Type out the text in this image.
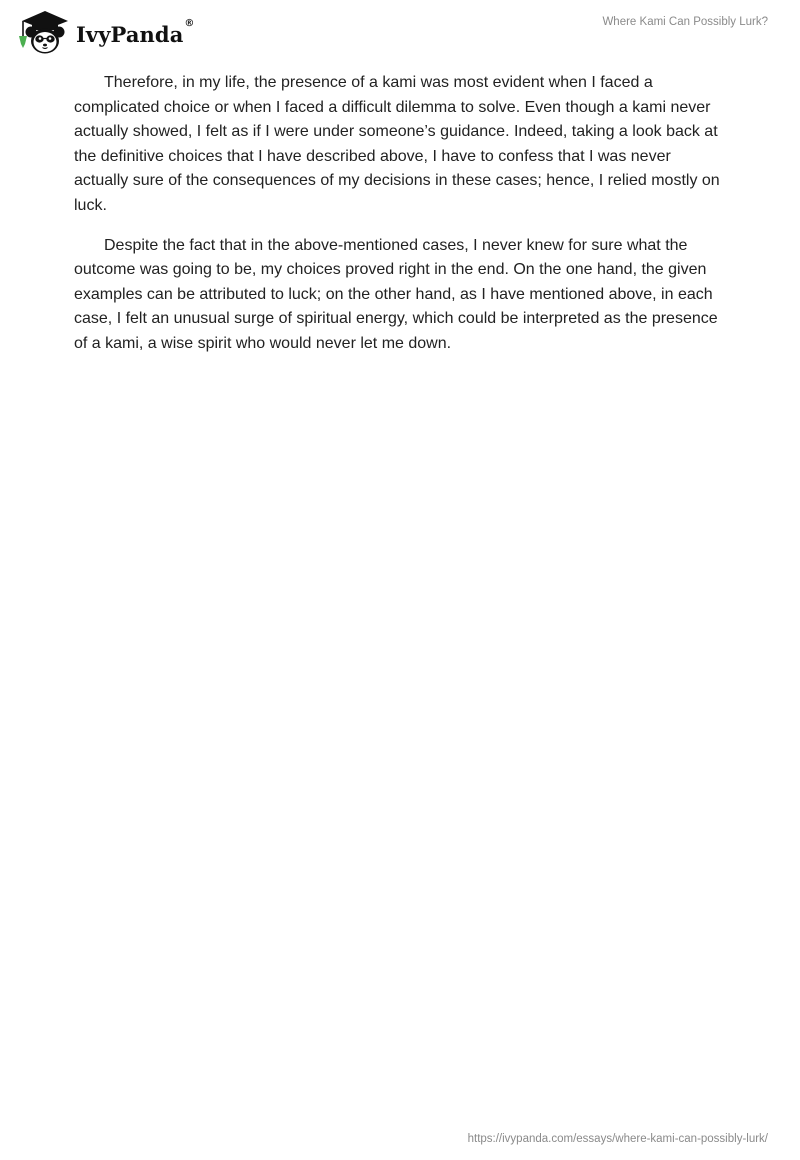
IvyPanda ®	Where Kami Can Possibly Lurk?

Therefore, in my life, the presence of a kami was most evident when I faced a complicated choice or when I faced a difficult dilemma to solve. Even though a kami never actually showed, I felt as if I were under someone’s guidance. Indeed, taking a look back at the definitive choices that I have described above, I have to confess that I was never actually sure of the consequences of my decisions in these cases; hence, I relied mostly on luck.

Despite the fact that in the above-mentioned cases, I never knew for sure what the outcome was going to be, my choices proved right in the end. On the one hand, the given examples can be attributed to luck; on the other hand, as I have mentioned above, in each case, I felt an unusual surge of spiritual energy, which could be interpreted as the presence of a kami, a wise spirit who would never let me down.

https://ivypanda.com/essays/where-kami-can-possibly-lurk/
